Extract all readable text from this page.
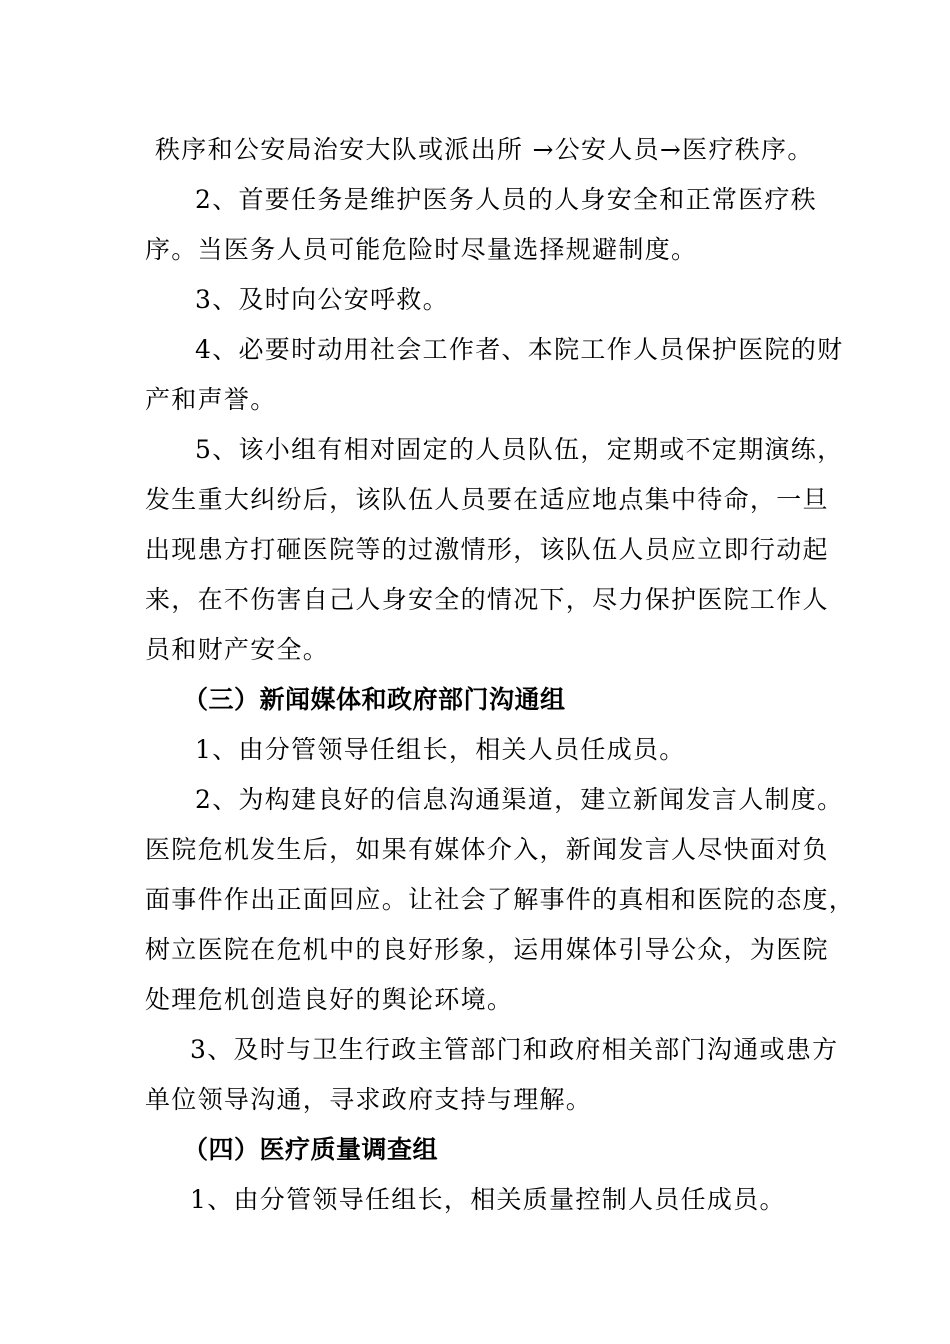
秩序和公安局治安大队或派出所 →公安人员→医疗秩序。
2、首要任务是维护医务人员的人身安全和正常医疗秩
序。当医务人员可能危险时尽量选择规避制度。
3、及时向公安呼救。
4、必要时动用社会工作者、本院工作人员保护医院的财
产和声誉。
5、该小组有相对固定的人员队伍，定期或不定期演练，
发生重大纠纷后，该队伍人员要在适应地点集中待命，一旦
出现患方打砸医院等的过激情形，该队伍人员应立即行动起
来，在不伤害自己人身安全的情况下，尽力保护医院工作人
员和财产安全。
（三）新闻媒体和政府部门沟通组
1、由分管领导任组长，相关人员任成员。
2、为构建良好的信息沟通渠道，建立新闻发言人制度。
医院危机发生后，如果有媒体介入，新闻发言人尽快面对负
面事件作出正面回应。让社会了解事件的真相和医院的态度，
树立医院在危机中的良好形象，运用媒体引导公众，为医院
处理危机创造良好的舆论环境。
3、及时与卫生行政主管部门和政府相关部门沟通或患方
单位领导沟通，寻求政府支持与理解。
（四）医疗质量调查组
1、由分管领导任组长，相关质量控制人员任成员。
